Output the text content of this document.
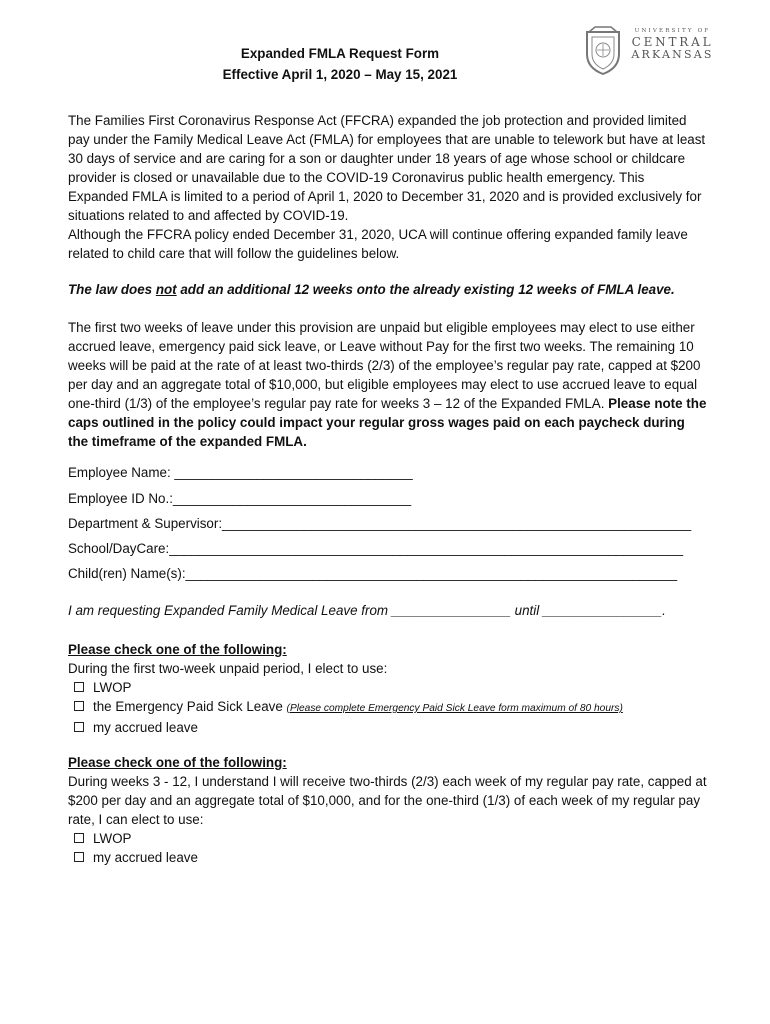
Expanded FMLA Request Form
Effective April 1, 2020 – May 15, 2021
UNIVERSITY OF
CENTRAL
ARKANSAS
The Families First Coronavirus Response Act (FFCRA) expanded the job protection and provided limited pay under the Family Medical Leave Act (FMLA) for employees that are unable to telework but have at least 30 days of service and are caring for a son or daughter under 18 years of age whose school or childcare provider is closed or unavailable due to the COVID-19 Coronavirus public health emergency. This Expanded FMLA is limited to a period of April 1, 2020 to December 31, 2020 and is provided exclusively for situations related to and affected by COVID-19.
Although the FFCRA policy ended December 31, 2020, UCA will continue offering expanded family leave related to child care that will follow the guidelines below.
The law does not add an additional 12 weeks onto the already existing 12 weeks of FMLA leave.
The first two weeks of leave under this provision are unpaid but eligible employees may elect to use either accrued leave, emergency paid sick leave, or Leave without Pay for the first two weeks. The remaining 10 weeks will be paid at the rate of at least two-thirds (2/3) of the employee’s regular pay rate, capped at $200 per day and an aggregate total of $10,000, but eligible employees may elect to use accrued leave to equal one-third (1/3) of the employee’s regular pay rate for weeks 3 – 12 of the Expanded FMLA. Please note the caps outlined in the policy could impact your regular gross wages paid on each paycheck during the timeframe of the expanded FMLA.
Employee Name: ________________________________
Employee ID No.:________________________________
Department & Supervisor:_______________________________________________________________
School/DayCare:_____________________________________________________________________
Child(ren) Name(s):__________________________________________________________________
I am requesting Expanded Family Medical Leave from ________________ until ________________.
Please check one of the following:
During the first two-week unpaid period, I elect to use:
LWOP
the Emergency Paid Sick Leave (Please complete Emergency Paid Sick Leave form maximum of 80 hours)
my accrued leave
Please check one of the following:
During weeks 3 - 12, I understand I will receive two-thirds (2/3) each week of my regular pay rate, capped at $200 per day and an aggregate total of $10,000, and for the one-third (1/3) of each week of my regular pay rate, I can elect to use:
LWOP
my accrued leave
